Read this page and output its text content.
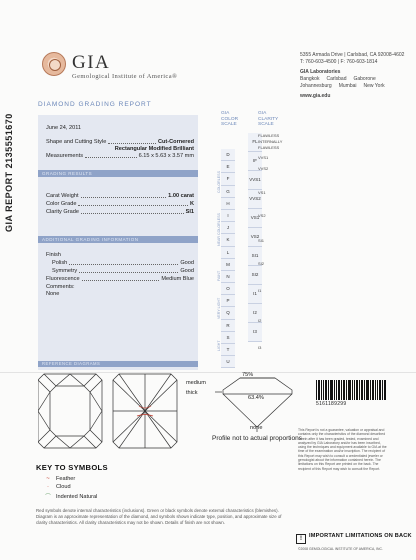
GIA
Gemological Institute of America®
5355 Armada Drive | Carlsbad, CA 92008-4602
T: 760-603-4500 | F: 760-603-1814
GIA Laboratories
Bangkok Carlsbad Gaborone
Johannesburg Mumbai New York
www.gia.edu
DIAMOND GRADING REPORT
GIA REPORT 2135551670	June 24, 2011
Shape and Cutting Style	Cut-Cornered
Rectangular Modified Brilliant
Measurements	6.15 x 5.63 x 3.57 mm
GRADING RESULTS
Carat Weight	1.00 carat
Color Grade	K
Clarity Grade	SI1
ADDITIONAL GRADING INFORMATION
Finish
Polish	Good
Symmetry	Good
Fluorescence	Medium Blue
Comments:
None
GIA
COLOR
SCALE
GIA
CLARITY
SCALE
D
E
F
G
H
I
J
K
L
M
N
O
P
Q
R
S
T
U
FL
IF
VVS1
VVS2
VS1
VS2
SI1
SI2
I1
I2
I3
COLORLESS
NEAR COLORLESS
FAINT
VERY LIGHT
LIGHT
FLAWLESS
INTERNALLY
FLAWLESS
VVS1
VVS2
VS1
VS2
SI1
SI2
I1
I2
I3
REFERENCE DIAGRAMS
75%
63.4%
medium
thick
none
Profile not to actual proportions
5161189299
KEY TO SYMBOLS
~	Feather
·	Cloud
⌒ Indented Natural
Red symbols denote internal characteristics (inclusions). Green or black symbols denote external characteristics (blemishes). Diagram is an approximate representation of the diamond, and symbols shown indicate type, position, and approximate size of clarity characteristics. All clarity characteristics may not be shown. Details of finish are not shown.
This Report is not a guarantee, valuation or appraisal and contains only the characteristics of the diamond described herein after it has been graded, tested, examined and analyzed by GIA Laboratory and/or has been inscribed, using the techniques and equipment available to GIA at the time of the examination and/or inscription. The recipient of this Report may wish to consult a credentialed jeweler or gemologist about the information contained herein. The limitations on this Report are printed on the back. The recipient of this Report may wish to consult the Report.
!	IMPORTANT LIMITATIONS ON BACK
©2008 GEMOLOGICAL INSTITUTE OF AMERICA, INC.
